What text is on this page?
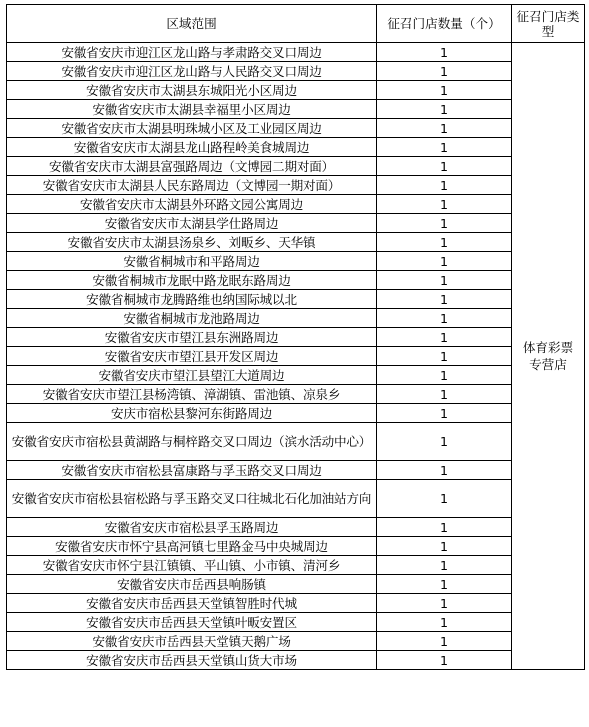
区域范围	征召门店数量（个）	征召门店类型
安徽省安庆市迎江区龙山路与孝肃路交叉口周边	1	体育彩票
专营店

安徽省安庆市迎江区龙山路与人民路交叉口周边	1	
安徽省安庆市太湖县东城阳光小区周边	1	
安徽省安庆市太湖县幸福里小区周边	1	
安徽省安庆市太湖县明珠城小区及工业园区周边	1	
安徽省安庆市太湖县龙山路程岭美食城周边	1	
安徽省安庆市太湖县富强路周边（文博园二期对面）	1	
安徽省安庆市太湖县人民东路周边（文博园一期对面）	1	
安徽省安庆市太湖县外环路文园公寓周边	1	
安徽省安庆市太湖县学仕路周边	1	
安徽省安庆市太湖县汤泉乡、刘畈乡、天华镇	1	
安徽省桐城市和平路周边	1	
安徽省桐城市龙眠中路龙眠东路周边	1	
安徽省桐城市龙腾路维也纳国际城以北	1	
安徽省桐城市龙池路周边	1	
安徽省安庆市望江县东洲路周边	1	
安徽省安庆市望江县开发区周边	1	
安徽省安庆市望江县望江大道周边	1	
安徽省安庆市望江县杨湾镇、漳湖镇、雷池镇、凉泉乡	1	
安庆市宿松县黎河东街路周边	1	
安徽省安庆市宿松县黄湖路与桐梓路交叉口周边（滨水活动中心）	1	
安徽省安庆市宿松县富康路与孚玉路交叉口周边	1	
安徽省安庆市宿松县宿松路与孚玉路交叉口往城北石化加油站方向	1	
安徽省安庆市宿松县孚玉路周边	1	
安徽省安庆市怀宁县高河镇七里路金马中央城周边	1	
安徽省安庆市怀宁县江镇镇、平山镇、小市镇、清河乡	1	
安徽省安庆市岳西县响肠镇	1	
安徽省安庆市岳西县天堂镇智胜时代城	1	
安徽省安庆市岳西县天堂镇叶畈安置区	1	
安徽省安庆市岳西县天堂镇天鹅广场	1	
安徽省安庆市岳西县天堂镇山货大市场	1	
